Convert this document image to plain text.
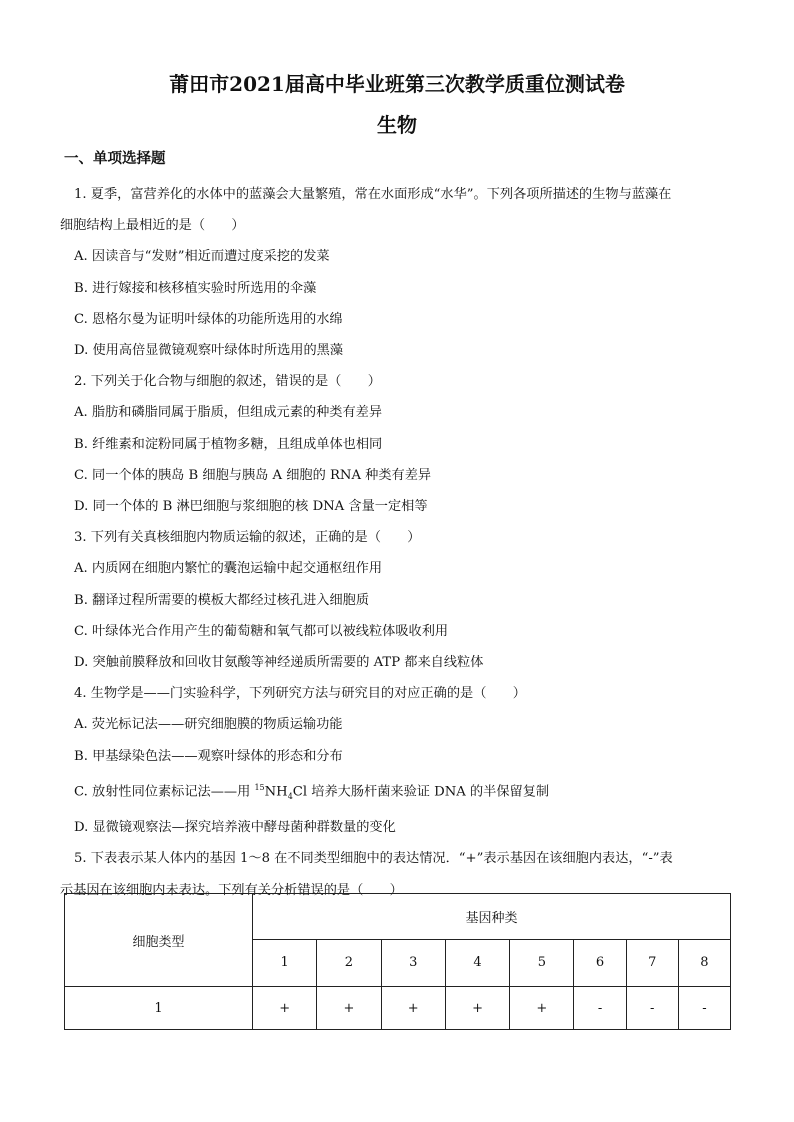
莆田市2021届高中毕业班第三次教学质重位测试卷
生物
一、单项选择题
1. 夏季，富营养化的水体中的蓝藻会大量繁殖，常在水面形成“水华”。下列各项所描述的生物与蓝藻在
细胞结构上最相近的是（　　）
A. 因读音与“发财”相近而遭过度采挖的发菜
B. 进行嫁接和核移植实验时所选用的伞藻
C. 恩格尔曼为证明叶绿体的功能所选用的水绵
D. 使用高倍显微镜观察叶绿体时所选用的黑藻
2. 下列关于化合物与细胞的叙述，错误的是（　　）
A. 脂肪和磷脂同属于脂质，但组成元素的种类有差异
B. 纤维素和淀粉同属于植物多糖，且组成单体也相同
C. 同一个体的胰岛 B 细胞与胰岛 A 细胞的 RNA 种类有差异
D. 同一个体的 B 淋巴细胞与浆细胞的核 DNA 含量一定相等
3. 下列有关真核细胞内物质运输的叙述，正确的是（　　）
A. 内质网在细胞内繁忙的囊泡运输中起交通枢纽作用
B. 翻译过程所需要的模板大都经过核孔进入细胞质
C. 叶绿体光合作用产生的葡萄糖和氧气都可以被线粒体吸收利用
D. 突触前膜释放和回收甘氨酸等神经递质所需要的 ATP 都来自线粒体
4. 生物学是——门实验科学，下列研究方法与研究目的对应正确的是（　　）
A. 荧光标记法——研究细胞膜的物质运输功能
B. 甲基绿染色法——观察叶绿体的形态和分布
C. 放射性同位素标记法——用 $^{15}NH_4Cl$ 培养大肠杆菌来验证 DNA 的半保留复制
D. 显微镜观察法—探究培养液中酵母菌种群数量的变化
5. 下表表示某人体内的基因 1～8 在不同类型细胞中的表达情况．“+”表示基因在该细胞内表达，“-”表
示基因在该细胞内未表达。下列有关分析错误的是（　　）
细胞类型	基因种类							
	1	2	3	4	5	6	7	8
1	+	+	+	+	+	-	-	-
